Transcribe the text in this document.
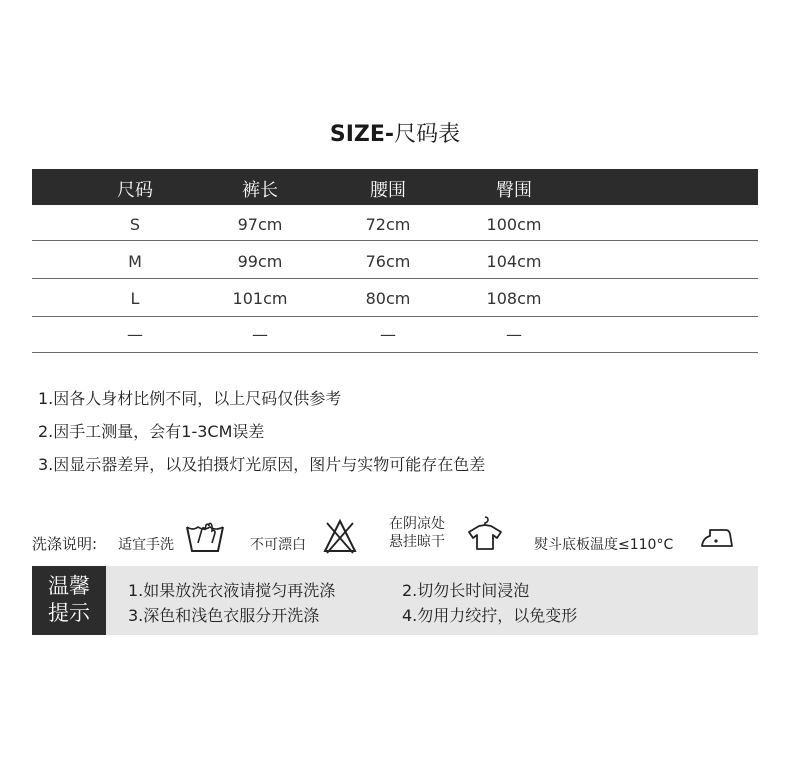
SIZE-尺码表
尺码	裤长	腰围	臀围
S	97cm	72cm	100cm
M	99cm	76cm	104cm
L	101cm	80cm	108cm
—	—	—	—
1.因各人身材比例不同，以上尺码仅供参考
2.因手工测量，会有1-3CM误差
3.因显示器差异，以及拍摄灯光原因，图片与实物可能存在色差
洗涤说明: 适宜手洗	不可漂白
在阴凉处
悬挂晾干	熨斗底板温度≤110°C
温馨
提示
1.如果放洗衣液请搅匀再洗涤	2.切勿长时间浸泡
3.深色和浅色衣服分开洗涤	4.勿用力绞拧，以免变形
